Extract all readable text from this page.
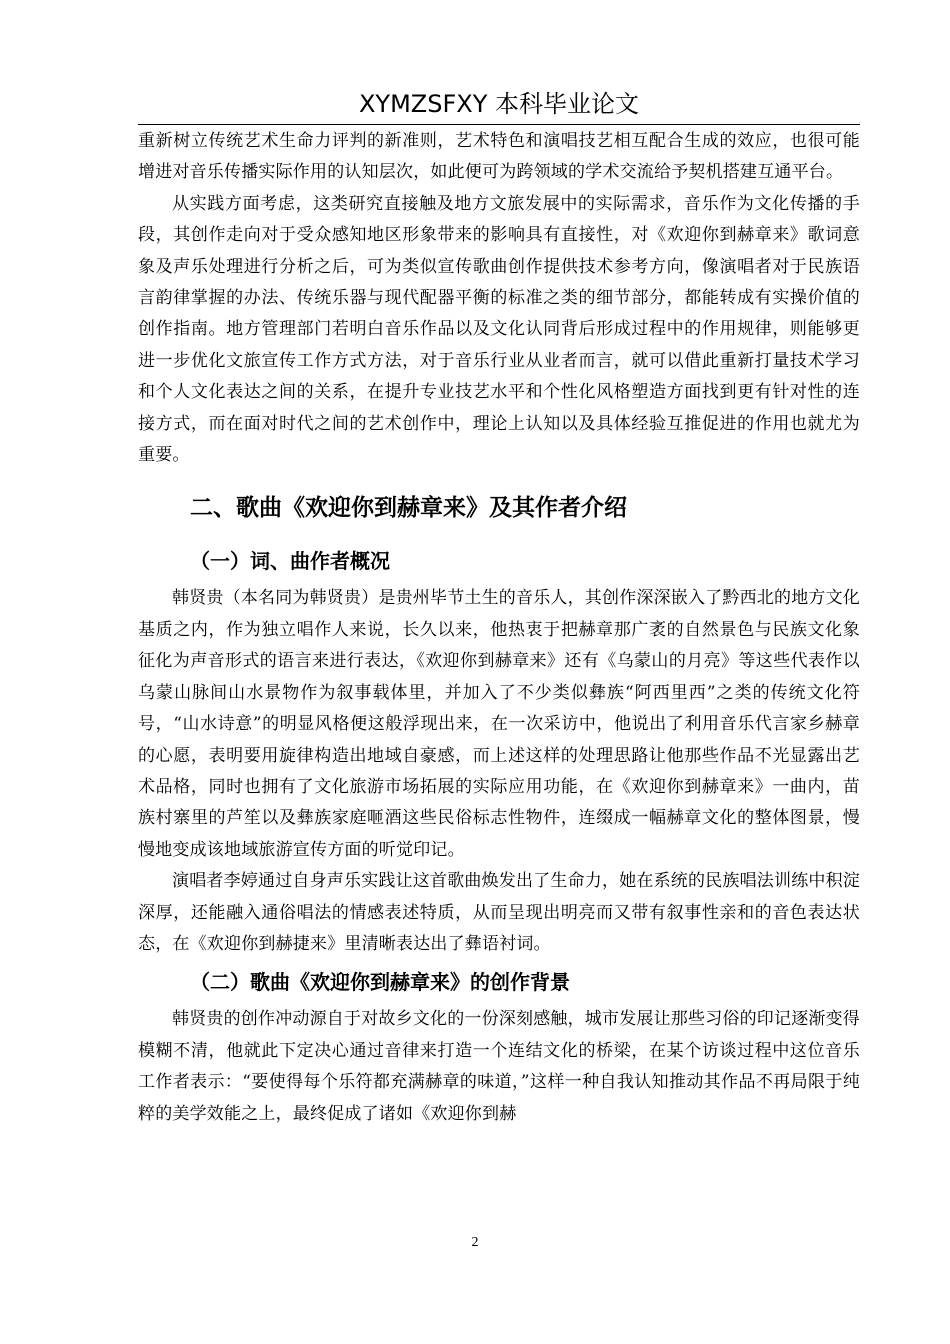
XYMZSFXY 本科毕业论文

重新树立传统艺术生命力评判的新准则，艺术特色和演唱技艺相互配合生成的效应，也很可能增进对音乐传播实际作用的认知层次，如此便可为跨领域的学术交流给予契机搭建互通平台。

从实践方面考虑，这类研究直接触及地方文旅发展中的实际需求，音乐作为文化传播的手段，其创作走向对于受众感知地区形象带来的影响具有直接性，对《欢迎你到赫章来》歌词意象及声乐处理进行分析之后，可为类似宣传歌曲创作提供技术参考方向，像演唱者对于民族语言韵律掌握的办法、传统乐器与现代配器平衡的标准之类的细节部分，都能转成有实操价值的创作指南。地方管理部门若明白音乐作品以及文化认同背后形成过程中的作用规律，则能够更进一步优化文旅宣传工作方式方法，对于音乐行业从业者而言，就可以借此重新打量技术学习和个人文化表达之间的关系，在提升专业技艺水平和个性化风格塑造方面找到更有针对性的连接方式，而在面对时代之间的艺术创作中，理论上认知以及具体经验互推促进的作用也就尤为重要。

二、歌曲《欢迎你到赫章来》及其作者介绍
（一）词、曲作者概况

韩贤贵（本名同为韩贤贵）是贵州毕节土生的音乐人，其创作深深嵌入了黔西北的地方文化基质之内，作为独立唱作人来说，长久以来，他热衷于把赫章那广袤的自然景色与民族文化象征化为声音形式的语言来进行表达，《欢迎你到赫章来》还有《乌蒙山的月亮》等这些代表作以乌蒙山脉间山水景物作为叙事载体里，并加入了不少类似彝族“阿西里西”之类的传统文化符号，“山水诗意”的明显风格便这般浮现出来，在一次采访中，他说出了利用音乐代言家乡赫章的心愿，表明要用旋律构造出地域自豪感，而上述这样的处理思路让他那些作品不光显露出艺术品格，同时也拥有了文化旅游市场拓展的实际应用功能，在《欢迎你到赫章来》一曲内，苗族村寨里的芦笙以及彝族家庭咂酒这些民俗标志性物件，连缀成一幅赫章文化的整体图景，慢慢地变成该地域旅游宣传方面的听觉印记。

演唱者李婷通过自身声乐实践让这首歌曲焕发出了生命力，她在系统的民族唱法训练中积淀深厚，还能融入通俗唱法的情感表述特质，从而呈现出明亮而又带有叙事性亲和的音色表达状态，在《欢迎你到赫捷来》里清晰表达出了彝语衬词。

（二）歌曲《欢迎你到赫章来》的创作背景

韩贤贵的创作冲动源自于对故乡文化的一份深刻感触，城市发展让那些习俗的印记逐渐变得模糊不清，他就此下定决心通过音律来打造一个连结文化的桥梁，在某个访谈过程中这位音乐工作者表示：“要使得每个乐符都充满赫章的味道，”这样一种自我认知推动其作品不再局限于纯粹的美学效能之上，最终促成了诸如《欢迎你到赫

2
